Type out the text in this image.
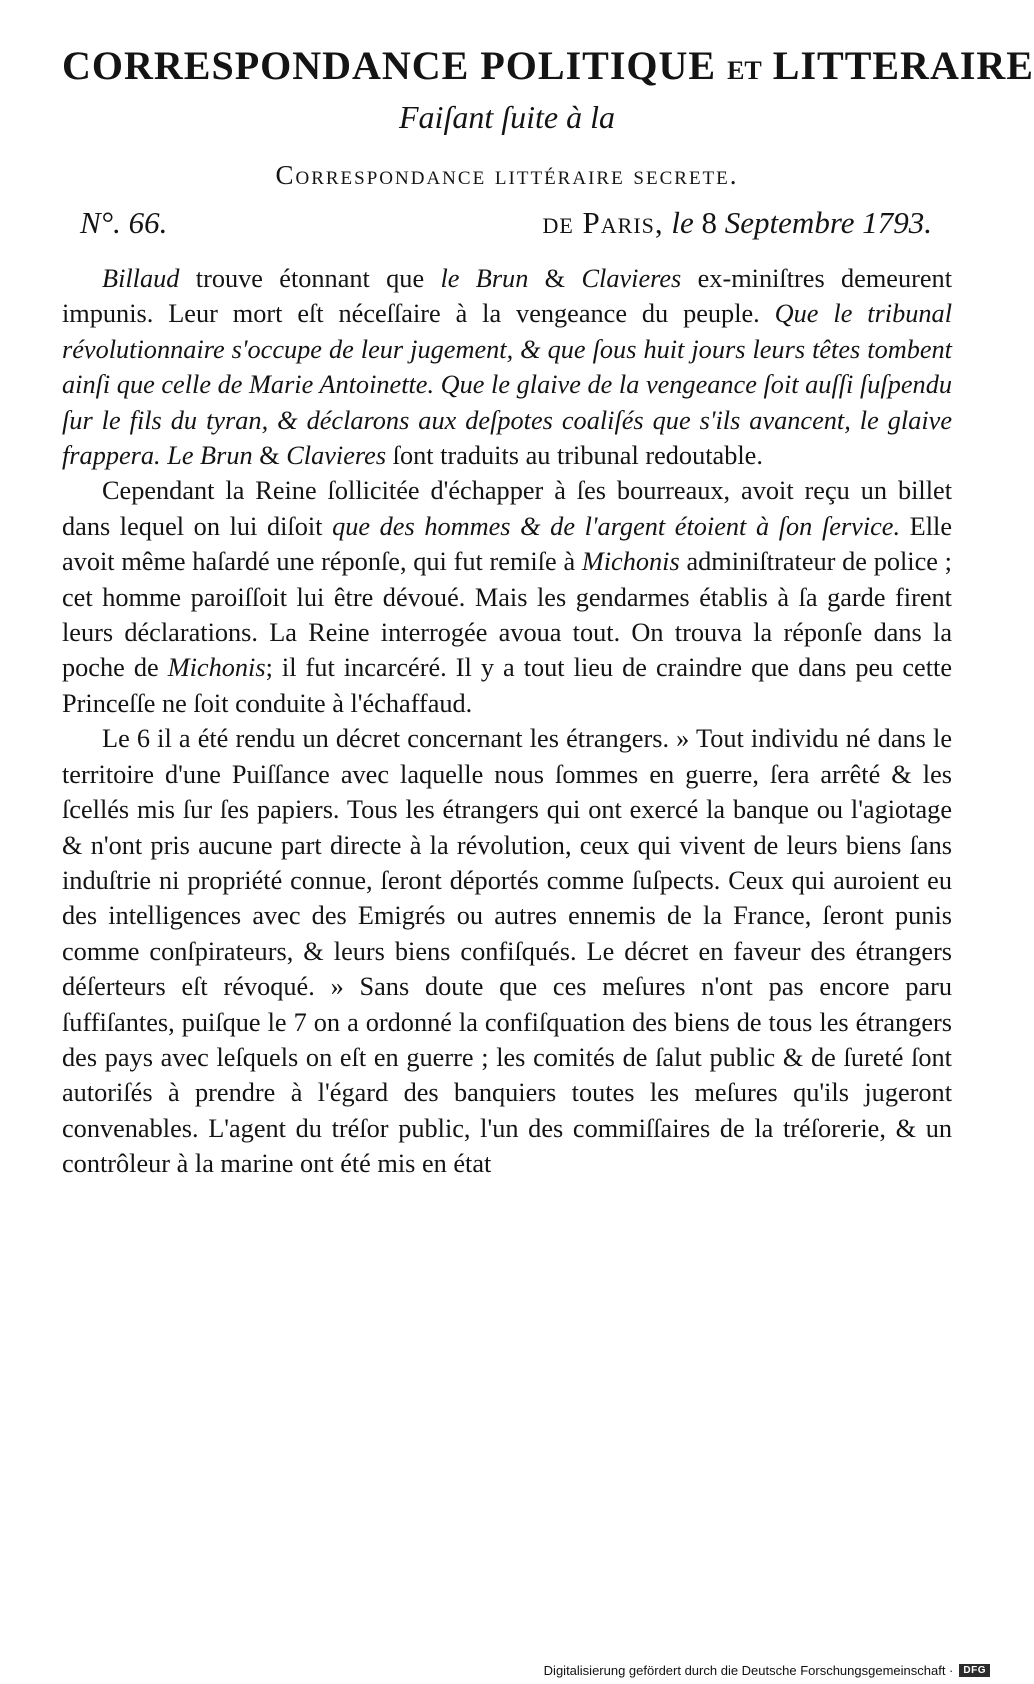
CORRESPONDANCE POLITIQUE ET LITTERAIRE

Faiſant ſuite à la

Correspondance littéraire secrete.

N°. 66.	de Paris, le 8 Septembre 1793.

Billaud trouve étonnant que le Brun & Clavieres ex-miniſtres demeurent impunis. Leur mort eſt néceſſaire à la vengeance du peuple. Que le tribunal révolutionnaire s'occupe de leur jugement, & que ſous huit jours leurs têtes tombent ainſi que celle de Marie Antoinette. Que le glaive de la vengeance ſoit auſſi ſuſpendu ſur le fils du tyran, & déclarons aux deſpotes coaliſés que s'ils avancent, le glaive frappera. Le Brun & Clavieres ſont traduits au tribunal redoutable.

Cependant la Reine ſollicitée d'échapper à ſes bourreaux, avoit reçu un billet dans lequel on lui diſoit que des hommes & de l'argent étoient à ſon ſervice. Elle avoit même haſardé une réponſe, qui fut remiſe à Michonis adminiſtrateur de police ; cet homme paroiſſoit lui être dévoué. Mais les gendarmes établis à ſa garde firent leurs déclarations. La Reine interrogée avoua tout. On trouva la réponſe dans la poche de Michonis; il fut incarcéré. Il y a tout lieu de craindre que dans peu cette Princeſſe ne ſoit conduite à l'échaffaud.

Le 6 il a été rendu un décret concernant les étrangers. » Tout individu né dans le territoire d'une Puiſſance avec laquelle nous ſommes en guerre, ſera arrêté & les ſcellés mis ſur ſes papiers. Tous les étrangers qui ont exercé la banque ou l'agiotage & n'ont pris aucune part directe à la révolution, ceux qui vivent de leurs biens ſans induſtrie ni propriété connue, ſeront déportés comme ſuſpects. Ceux qui auroient eu des intelligences avec des Emigrés ou autres ennemis de la France, ſeront punis comme conſpirateurs, & leurs biens confiſqués. Le décret en faveur des étrangers déſerteurs eſt révoqué. » Sans doute que ces meſures n'ont pas encore paru ſuffiſantes, puiſque le 7 on a ordonné la confiſquation des biens de tous les étrangers des pays avec leſquels on eſt en guerre ; les comités de ſalut public & de ſureté ſont autoriſés à prendre à l'égard des banquiers toutes les meſures qu'ils jugeront convenables. L'agent du tréſor public, l'un des commiſſaires de la tréſorerie, & un contrôleur à la marine ont été mis en état

Digitalisierung gefördert durch die Deutsche Forschungsgemeinschaft ·	DFG
